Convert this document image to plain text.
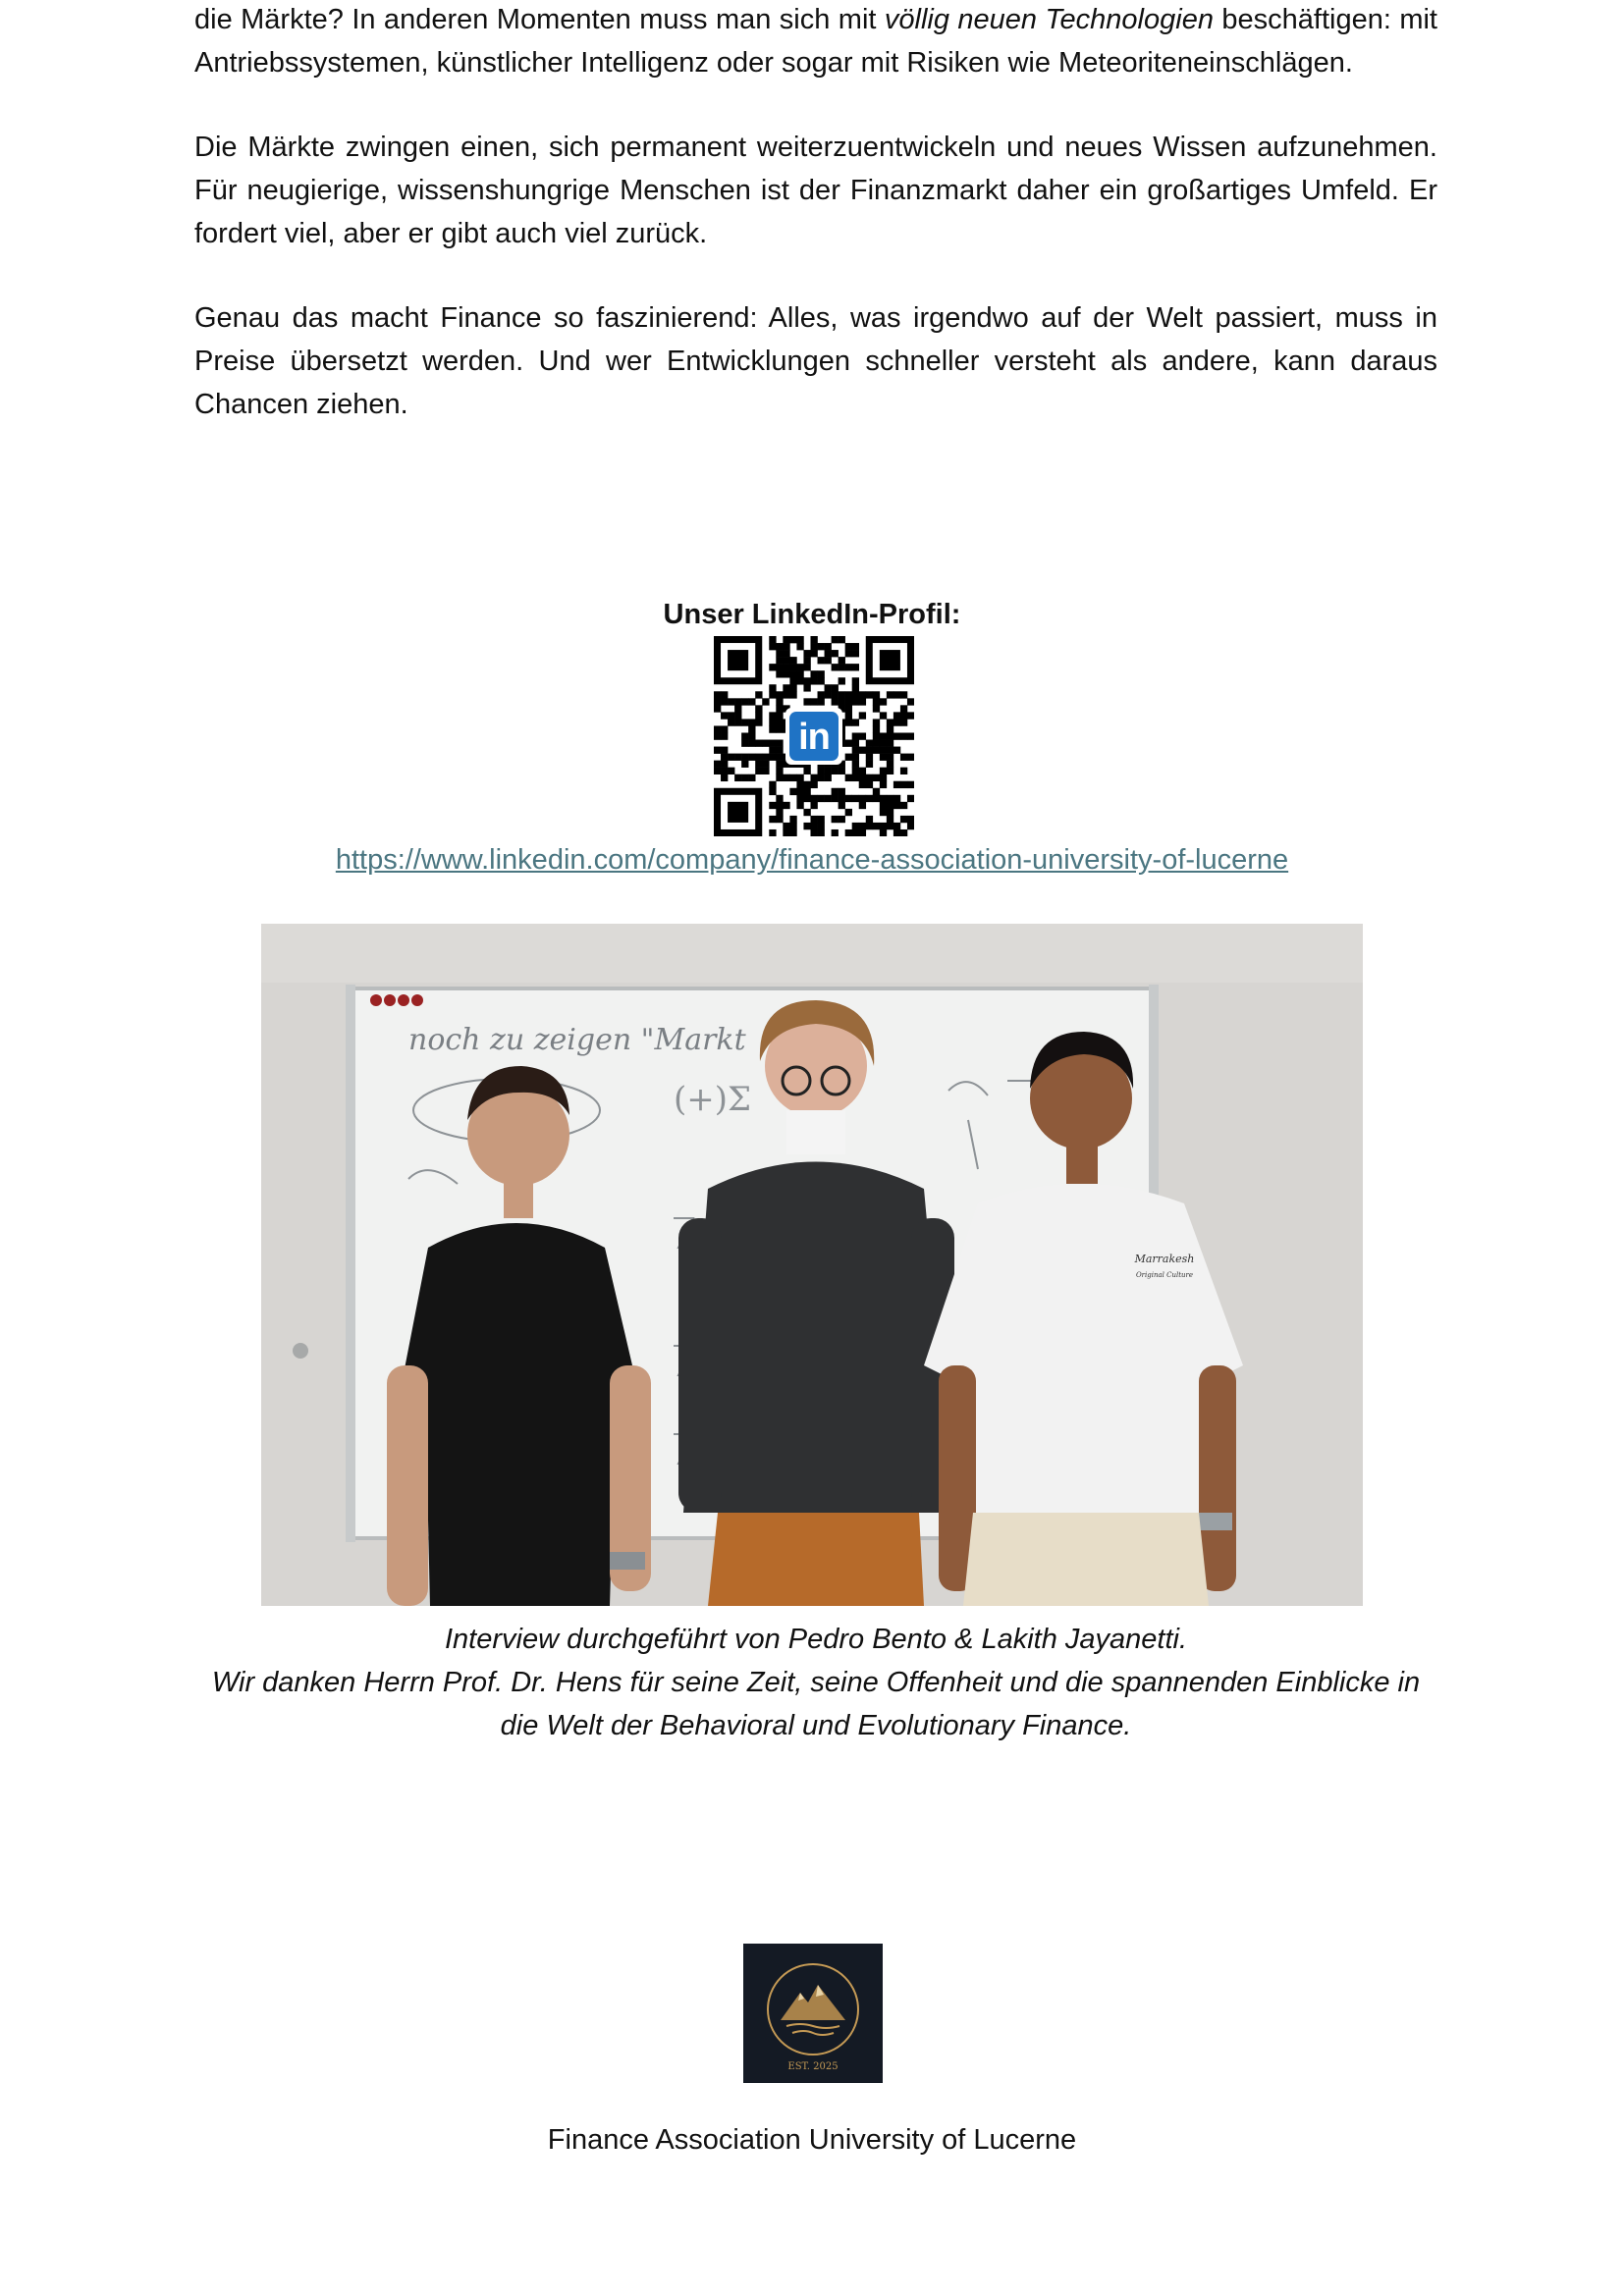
die Märkte? In anderen Momenten muss man sich mit völlig neuen Technologien beschäftigen: mit Antriebssystemen, künstlicher Intelligenz oder sogar mit Risiken wie Meteoriteneinschlägen.

Die Märkte zwingen einen, sich permanent weiterzuentwickeln und neues Wissen aufzunehmen. Für neugierige, wissenshungrige Menschen ist der Finanzmarkt daher ein großartiges Umfeld. Er fordert viel, aber er gibt auch viel zurück.

Genau das macht Finance so faszinierend: Alles, was irgendwo auf der Welt passiert, muss in Preise übersetzt werden. Und wer Entwicklungen schneller versteht als andere, kann daraus Chancen ziehen.

Unser LinkedIn-Profil:

in

https://www.linkedin.com/company/finance-association-university-of-lucerne

noch zu zeigen "Markt
(+)Σ
Marrakesh
Original Culture

Interview durchgeführt von Pedro Bento & Lakith Jayanetti.

Wir danken Herrn Prof. Dr. Hens für seine Zeit, seine Offenheit und die spannenden Einblicke in die Welt der Behavioral und Evolutionary Finance.

EST. 2025

Finance Association University of Lucerne
